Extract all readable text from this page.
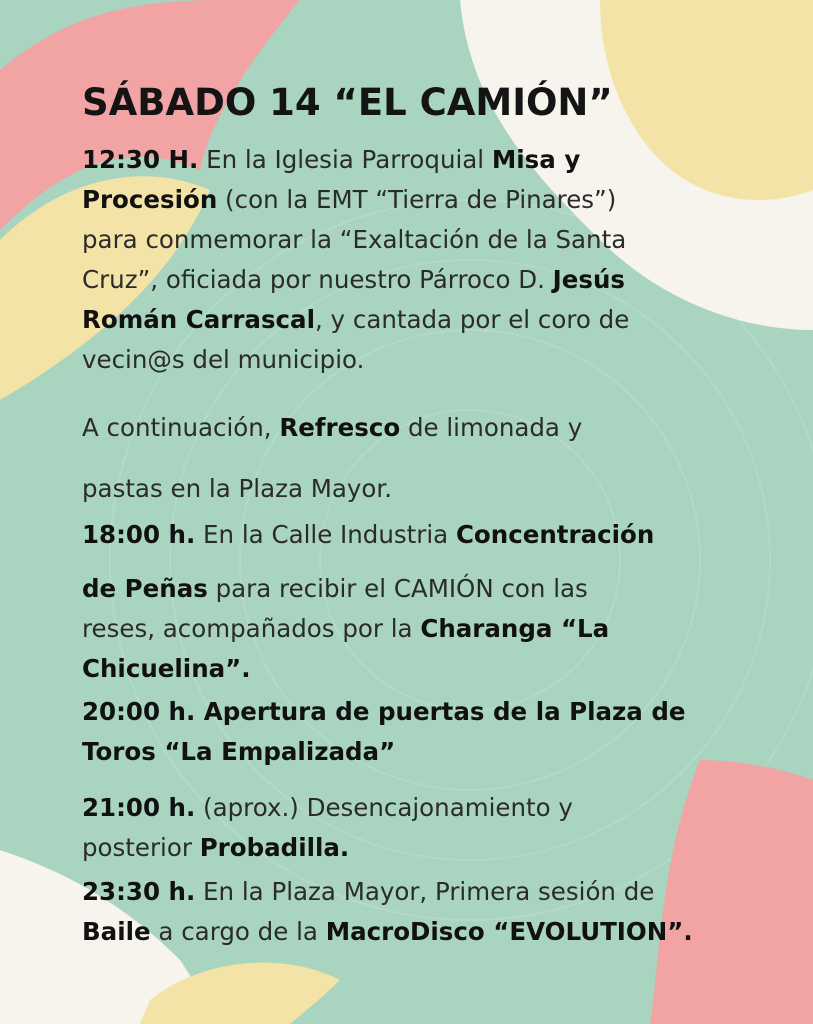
SÁBADO 14 “EL CAMIÓN”

12:30 H. En la Iglesia Parroquial Misa y
Procesión (con la EMT “Tierra de Pinares”)
para conmemorar la “Exaltación de la Santa
Cruz”, oficiada por nuestro Párroco D. Jesús
Román Carrascal, y cantada por el coro de
vecin@s del municipio.

A continuación, Refresco de limonada y
pastas en la Plaza Mayor.

18:00 h. En la Calle Industria Concentración
de Peñas para recibir el CAMIÓN con las
reses, acompañados por la Charanga “La
Chicuelina”.

20:00 h. Apertura de puertas de la Plaza de
Toros “La Empalizada”

21:00 h. (aprox.) Desencajonamiento y
posterior Probadilla.

23:30 h. En la Plaza Mayor, Primera sesión de
Baile a cargo de la MacroDisco “EVOLUTION”.
